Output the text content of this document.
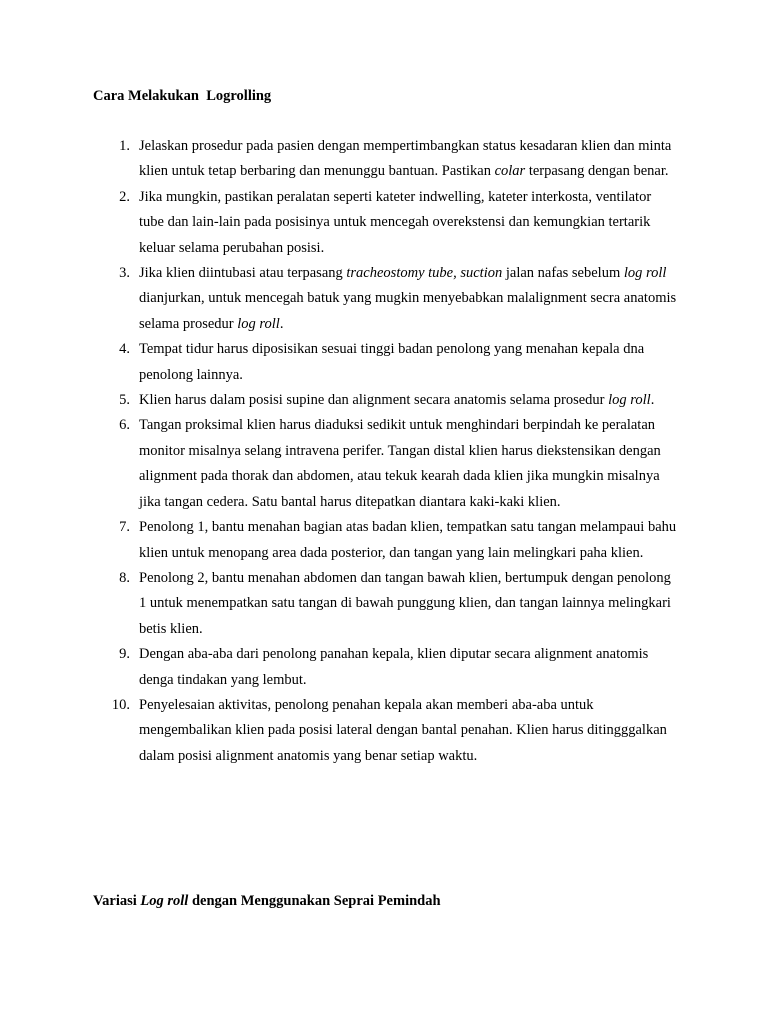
Cara Melakukan  Logrolling
1. Jelaskan prosedur pada pasien dengan mempertimbangkan status kesadaran klien dan minta klien untuk tetap berbaring dan menunggu bantuan. Pastikan colar terpasang dengan benar.
2. Jika mungkin, pastikan peralatan seperti kateter indwelling, kateter interkosta, ventilator tube dan lain-lain pada posisinya untuk mencegah overekstensi dan kemungkian tertarik keluar selama perubahan posisi.
3. Jika klien diintubasi atau terpasang tracheostomy tube, suction jalan nafas sebelum log roll dianjurkan, untuk mencegah batuk yang mugkin menyebabkan malalignment secra anatomis selama prosedur log roll.
4. Tempat tidur harus diposisikan sesuai tinggi badan penolong yang menahan kepala dna penolong lainnya.
5. Klien harus dalam posisi supine dan alignment secara anatomis selama prosedur log roll.
6. Tangan proksimal klien harus diaduksi sedikit untuk menghindari berpindah ke peralatan monitor misalnya selang intravena perifer. Tangan distal klien harus diekstensikan dengan alignment pada thorak dan abdomen, atau tekuk kearah dada klien jika mungkin misalnya jika tangan cedera. Satu bantal harus ditepatkan diantara kaki-kaki klien.
7. Penolong 1, bantu menahan bagian atas badan klien, tempatkan satu tangan melampaui bahu klien untuk menopang area dada posterior, dan tangan yang lain melingkari paha klien.
8. Penolong 2, bantu menahan abdomen dan tangan bawah klien, bertumpuk dengan penolong 1 untuk menempatkan satu tangan di bawah punggung klien, dan tangan lainnya melingkari betis klien.
9. Dengan aba-aba dari penolong panahan kepala, klien diputar secara alignment anatomis denga tindakan yang lembut.
10. Penyelesaian aktivitas, penolong penahan kepala akan memberi aba-aba untuk mengembalikan klien pada posisi lateral dengan bantal penahan. Klien harus ditingggalkan dalam posisi alignment anatomis yang benar setiap waktu.
Variasi Log roll dengan Menggunakan Seprai Pemindah
